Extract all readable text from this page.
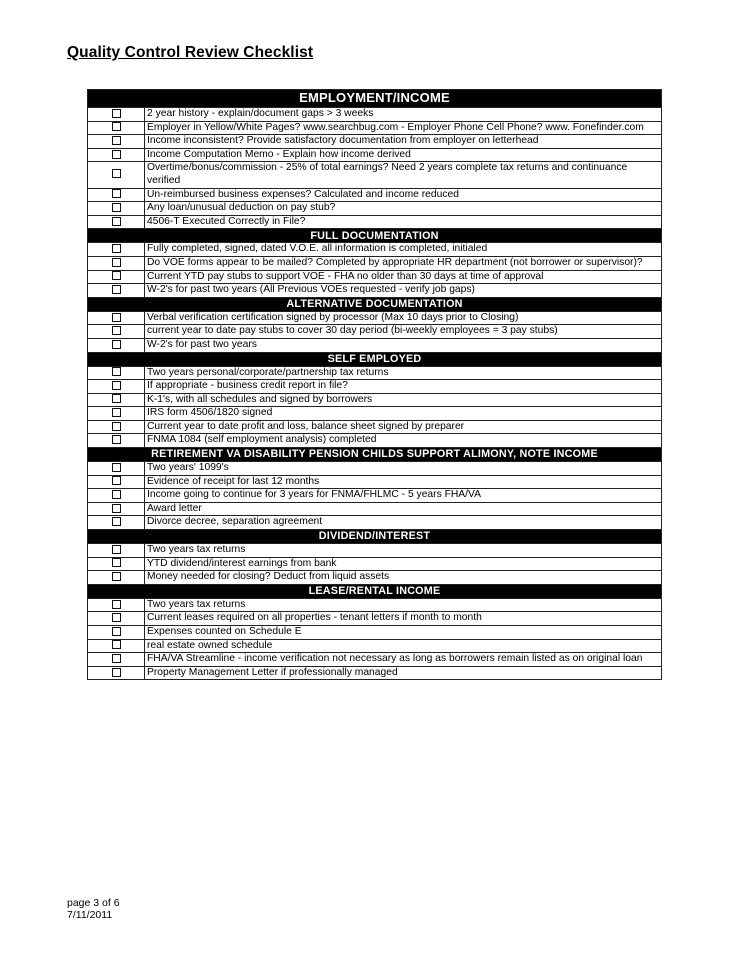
Quality Control Review Checklist
EMPLOYMENT/INCOME	
	2 year history - explain/document gaps > 3 weeks
	Employer in Yellow/White Pages? www.searchbug.com - Employer Phone Cell Phone? www. Fonefinder.com
	Income inconsistent? Provide satisfactory documentation from employer on letterhead
	Income Computation Memo - Explain how income derived
	Overtime/bonus/commission - 25% of total earnings? Need 2 years complete tax returns and continuance verified
	Un-reimbursed business expenses? Calculated and income reduced
	Any loan/unusual deduction on pay stub?
	4506-T Executed Correctly in File?
FULL DOCUMENTATION	
	Fully completed, signed, dated V.O.E. all information is completed, initialed
	Do VOE forms appear to be mailed? Completed by appropriate HR department (not borrower or supervisor)?
	Current YTD pay stubs to support VOE - FHA no older than 30 days at time of approval
	W-2's for past two years (All Previous VOEs requested - verify job gaps)
ALTERNATIVE DOCUMENTATION	
	Verbal verification certification signed by processor (Max 10 days prior to Closing)
	current year to date pay stubs to cover 30 day period (bi-weekly employees = 3 pay stubs)
	W-2's for past two years
SELF EMPLOYED	
	Two years personal/corporate/partnership tax returns
	If appropriate - business credit report in file?
	K-1's, with all schedules and signed by borrowers
	IRS form 4506/1820 signed
	Current year to date profit and loss, balance sheet signed by preparer
	FNMA 1084 (self employment analysis) completed
RETIREMENT VA DISABILITY PENSION CHILDS SUPPORT ALIMONY, NOTE INCOME	
	Two years' 1099's
	Evidence of receipt for last 12 months
	Income going to continue for 3 years for FNMA/FHLMC - 5 years FHA/VA
	Award letter
	Divorce decree, separation agreement
DIVIDEND/INTEREST	
	Two years tax returns
	YTD dividend/interest earnings from bank
	Money needed for closing? Deduct from liquid assets
LEASE/RENTAL INCOME	
	Two years tax returns
	Current leases required on all properties - tenant letters if month to month
	Expenses counted on Schedule E
	real estate owned schedule
	FHA/VA Streamline - income verification not necessary as long as borrowers remain listed as on original loan
	Property Management Letter if professionally managed
page 3 of 6
7/11/2011
